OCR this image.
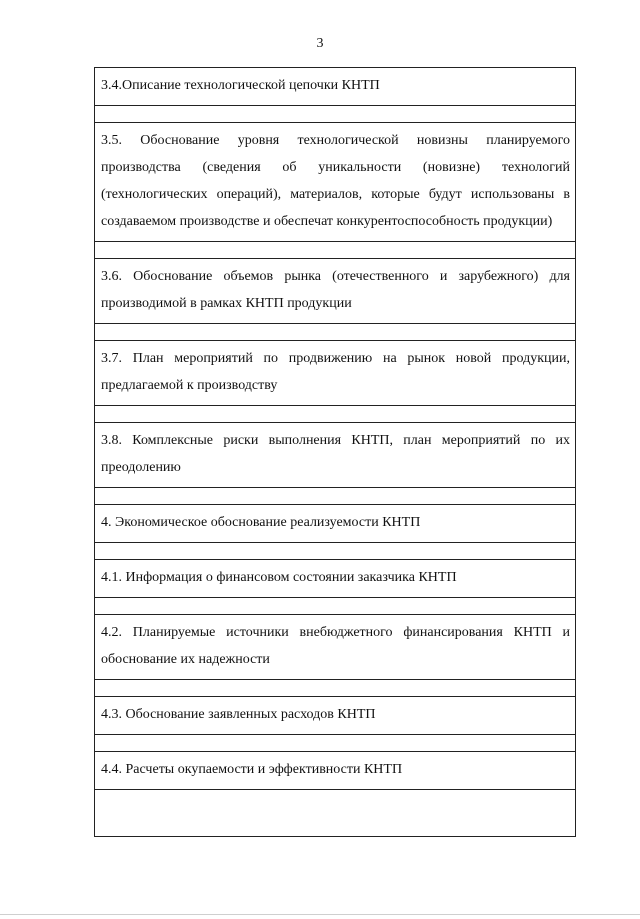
3
3.4.Описание технологической цепочки КНТП

3.5. Обоснование уровня технологической новизны планируемого производства (сведения об уникальности (новизне) технологий (технологических операций), материалов, которые будут использованы в создаваемом производстве и обеспечат конкурентоспособность продукции)

3.6. Обоснование объемов рынка (отечественного и зарубежного) для производимой в рамках КНТП продукции

3.7. План мероприятий по продвижению на рынок новой продукции, предлагаемой к производству

3.8. Комплексные риски выполнения КНТП, план мероприятий по их преодолению

4. Экономическое обоснование реализуемости КНТП

4.1. Информация о финансовом состоянии заказчика КНТП

4.2. Планируемые источники внебюджетного финансирования КНТП и обоснование их надежности

4.3. Обоснование заявленных расходов КНТП

4.4. Расчеты окупаемости и эффективности КНТП
